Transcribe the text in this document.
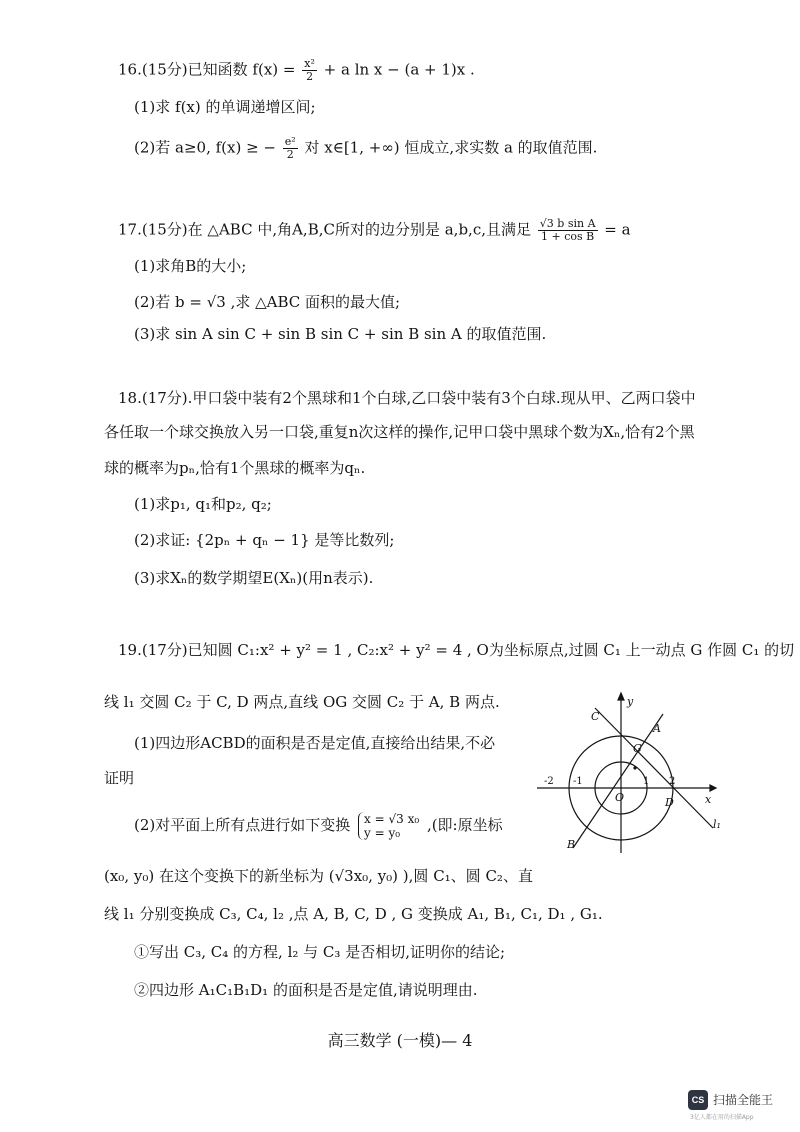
16.(15分)已知函数 $f(x) = \frac{\text{x²}}{2} + a$ ln x − (a + 1)x .
(1)求 f(x) 的单调递增区间;
(2)若 a≥0, f(x) ≥ − $\frac{\text{e²}}{2}$ 对 x∈[1, +∞) 恒成立,求实数 a 的取值范围.
17.(15分)在 △ABC 中,角A,B,C所对的边分别是 a,b,c,且满足 $\frac{\text{√3 b sin A}}{\text{1 + cos B}} = a$
(1)求角B的大小;
(2)若 b = √3 ,求 △ABC 面积的最大值;
(3)求 sin A sin C + sin B sin C + sin B sin A 的取值范围.
18.(17分).甲口袋中装有2个黑球和1个白球,乙口袋中装有3个白球.现从甲、乙两口袋中
各任取一个球交换放入另一口袋,重复n次这样的操作,记甲口袋中黑球个数为Xₙ,恰有2个黑
球的概率为pₙ,恰有1个黑球的概率为qₙ.
(1)求p₁, q₁和p₂, q₂;
(2)求证: {2pₙ + qₙ − 1} 是等比数列;
(3)求Xₙ的数学期望E(Xₙ)(用n表示).
19.(17分)已知圆 C₁:x² + y² = 1 , C₂:x² + y² = 4 , O为坐标原点,过圆 C₁ 上一动点 G 作圆 C₁ 的切
线 l₁ 交圆 C₂ 于 C, D 两点,直线 OG 交圆 C₂ 于 A, B 两点.
(1)四边形ACBD的面积是否是定值,直接给出结果,不必
证明
(2)对平面上所有点进行如下变换 x = √3 x₀
y = y₀	,(即:原坐标
(x₀, y₀) 在这个变换下的新坐标为 (√3x₀, y₀) ),圆 C₁、圆 C₂、直
线 l₁ 分别变换成 C₃, C₄, l₂ ,点 A, B, C, D , G 变换成 A₁, B₁, C₁, D₁ , G₁.
①写出 C₃, C₄ 的方程, l₂ 与 C₃ 是否相切,证明你的结论;
②四边形 A₁C₁B₁D₁ 的面积是否是定值,请说明理由.
y
x
C
A
G
O	D
B
l₁
-2 -1	1 2
高三数学 (一模)— 4
CS 扫描全能王
3亿人都在用的扫描App
